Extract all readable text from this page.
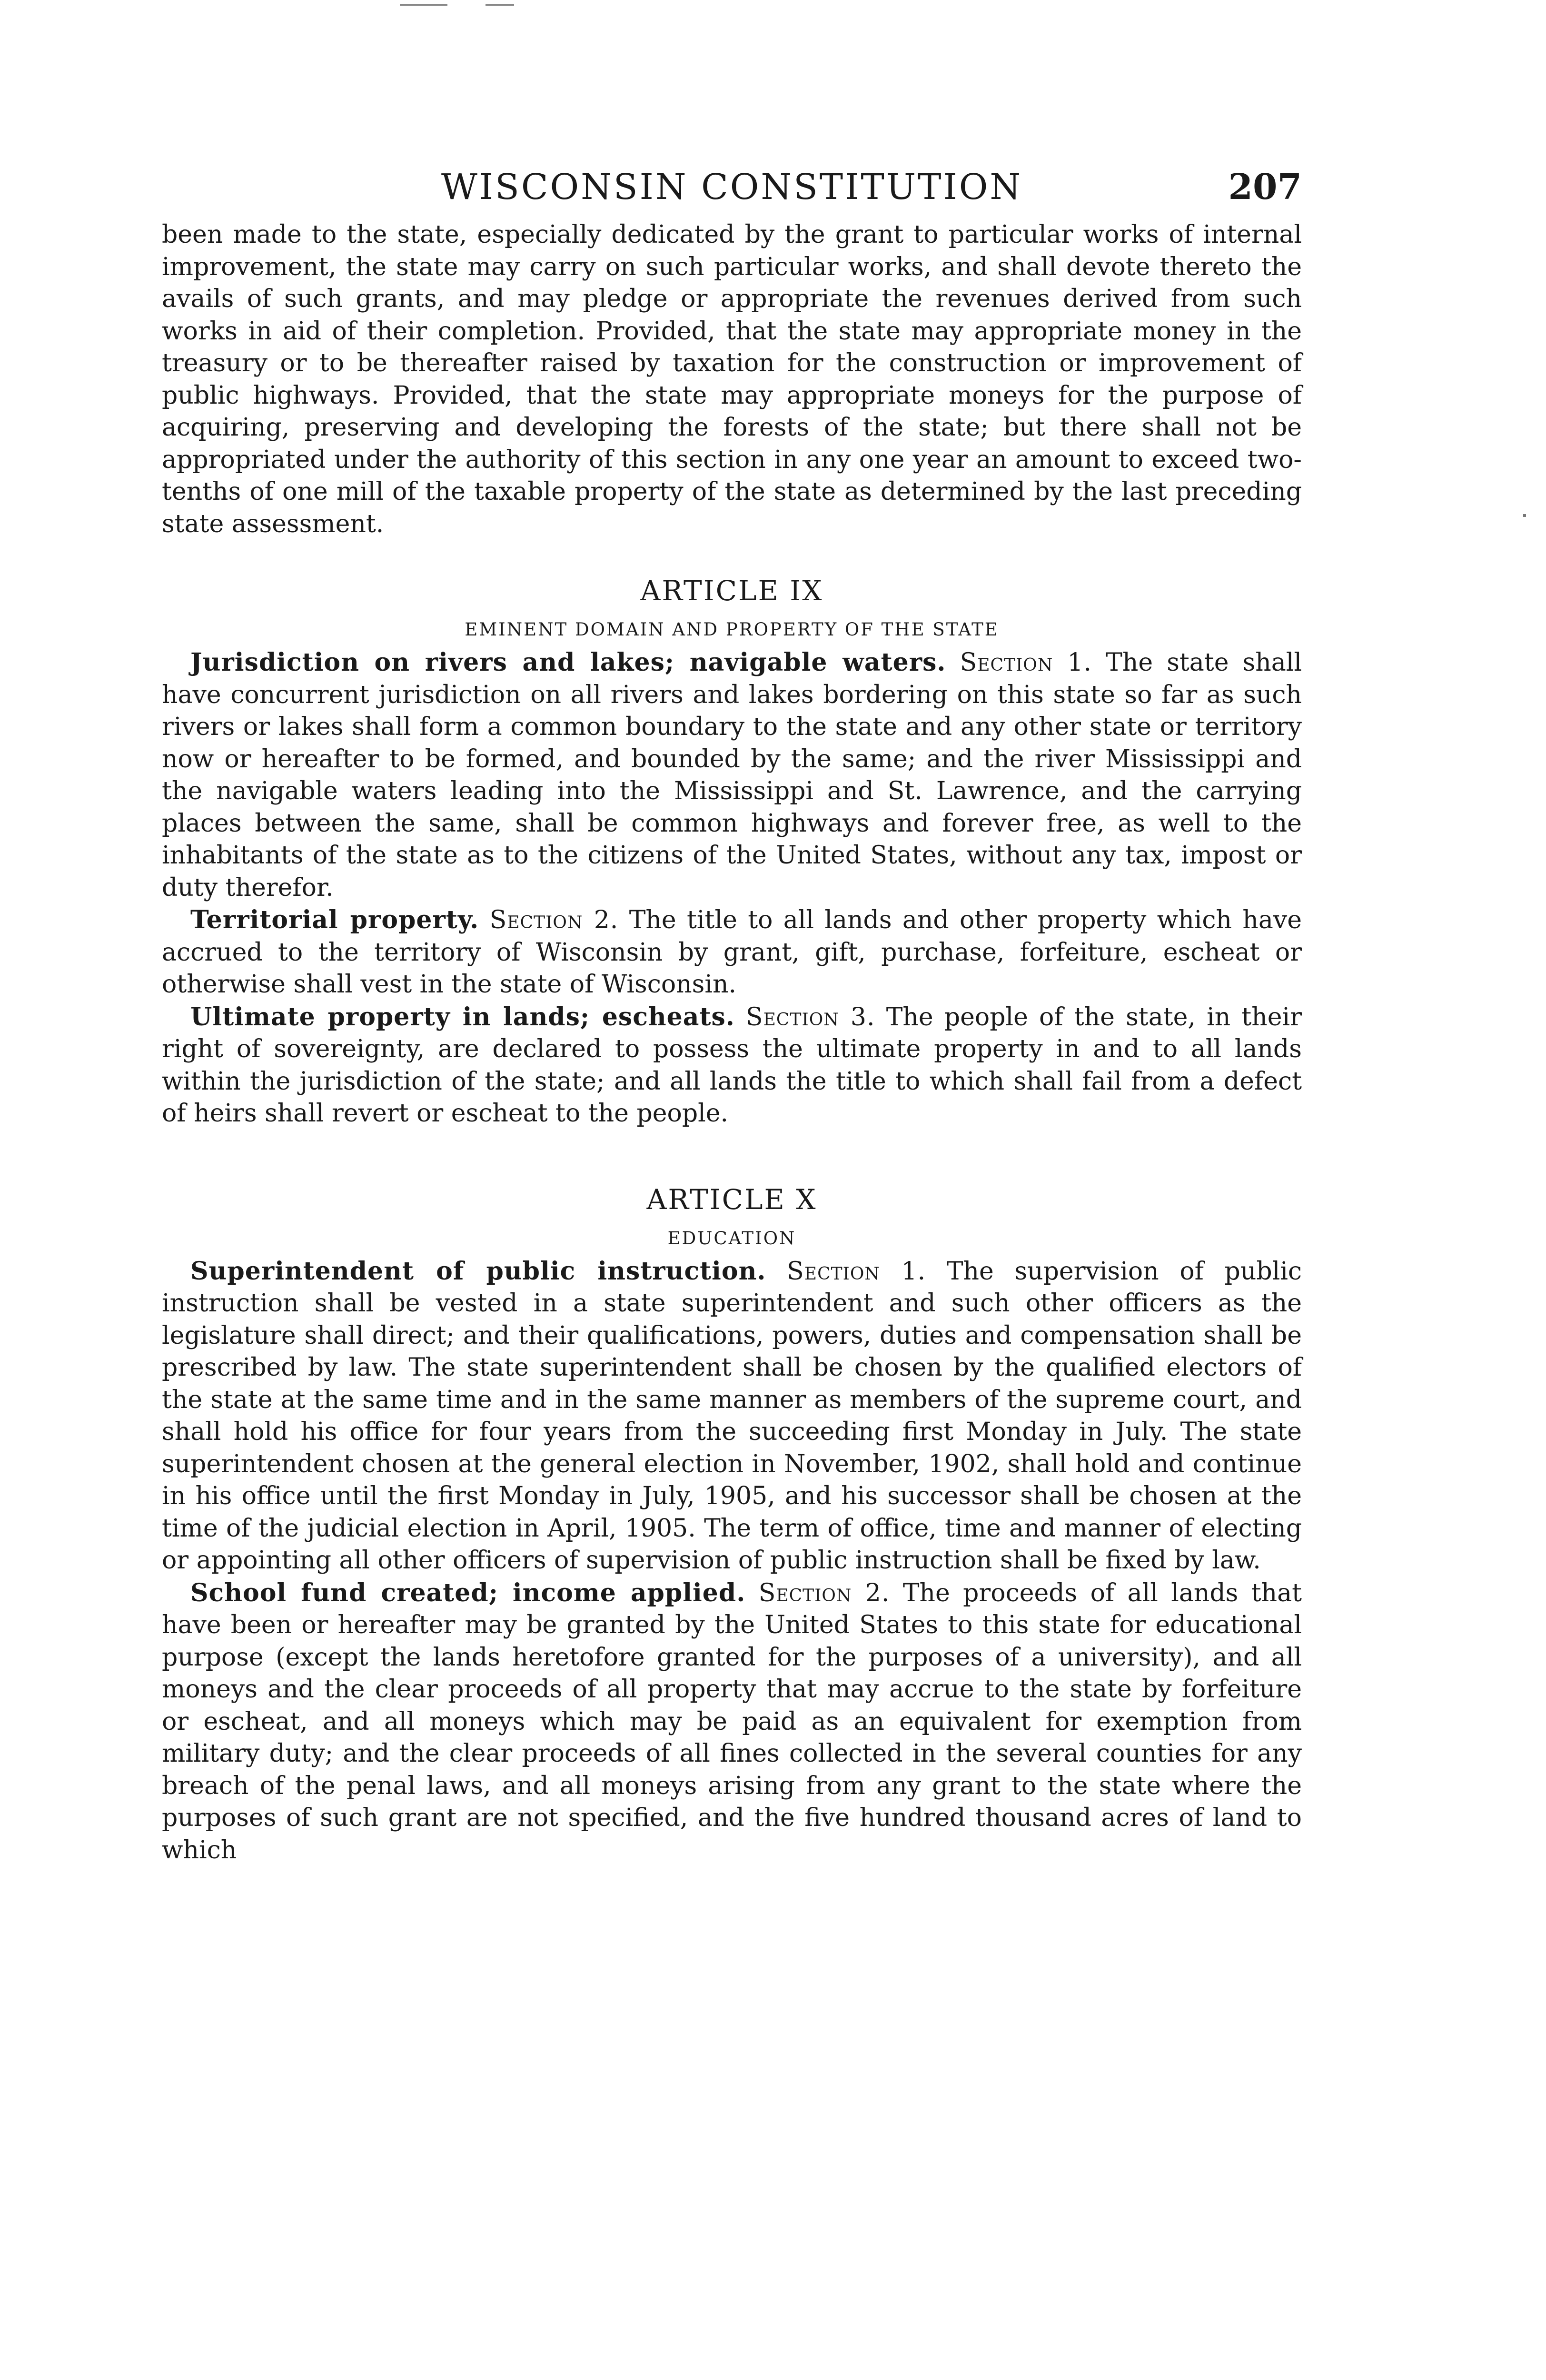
WISCONSIN CONSTITUTION	207

been made to the state, especially dedicated by the grant to particular works of internal improvement, the state may carry on such particular works, and shall devote thereto the avails of such grants, and may pledge or appropriate the revenues derived from such works in aid of their completion. Provided, that the state may appropriate money in the treasury or to be thereafter raised by taxation for the construction or improvement of public highways. Provided, that the state may appropriate moneys for the purpose of acquiring, preserving and developing the forests of the state; but there shall not be appropriated under the authority of this section in any one year an amount to exceed two-tenths of one mill of the taxable property of the state as determined by the last preceding state assessment.

ARTICLE IX

EMINENT DOMAIN AND PROPERTY OF THE STATE

Jurisdiction on rivers and lakes; navigable waters. Section 1. The state shall have concurrent jurisdiction on all rivers and lakes bordering on this state so far as such rivers or lakes shall form a common boundary to the state and any other state or territory now or hereafter to be formed, and bounded by the same; and the river Mississippi and the navigable waters leading into the Mississippi and St. Lawrence, and the carrying places between the same, shall be common highways and forever free, as well to the inhabitants of the state as to the citizens of the United States, without any tax, impost or duty therefor.

Territorial property. Section 2. The title to all lands and other property which have accrued to the territory of Wisconsin by grant, gift, purchase, forfeiture, escheat or otherwise shall vest in the state of Wisconsin.

Ultimate property in lands; escheats. Section 3. The people of the state, in their right of sovereignty, are declared to possess the ultimate property in and to all lands within the jurisdiction of the state; and all lands the title to which shall fail from a defect of heirs shall revert or escheat to the people.

ARTICLE X

EDUCATION

Superintendent of public instruction. Section 1. The supervision of public instruction shall be vested in a state superintendent and such other officers as the legislature shall direct; and their qualifications, powers, duties and compensation shall be prescribed by law. The state superintendent shall be chosen by the qualified electors of the state at the same time and in the same manner as members of the supreme court, and shall hold his office for four years from the succeeding first Monday in July. The state superintendent chosen at the general election in November, 1902, shall hold and continue in his office until the first Monday in July, 1905, and his successor shall be chosen at the time of the judicial election in April, 1905. The term of office, time and manner of electing or appointing all other officers of supervision of public instruction shall be fixed by law.

School fund created; income applied. Section 2. The proceeds of all lands that have been or hereafter may be granted by the United States to this state for educational purpose (except the lands heretofore granted for the purposes of a university), and all moneys and the clear proceeds of all property that may accrue to the state by forfeiture or escheat, and all moneys which may be paid as an equivalent for exemption from military duty; and the clear proceeds of all fines collected in the several counties for any breach of the penal laws, and all moneys arising from any grant to the state where the purposes of such grant are not specified, and the five hundred thousand acres of land to which
